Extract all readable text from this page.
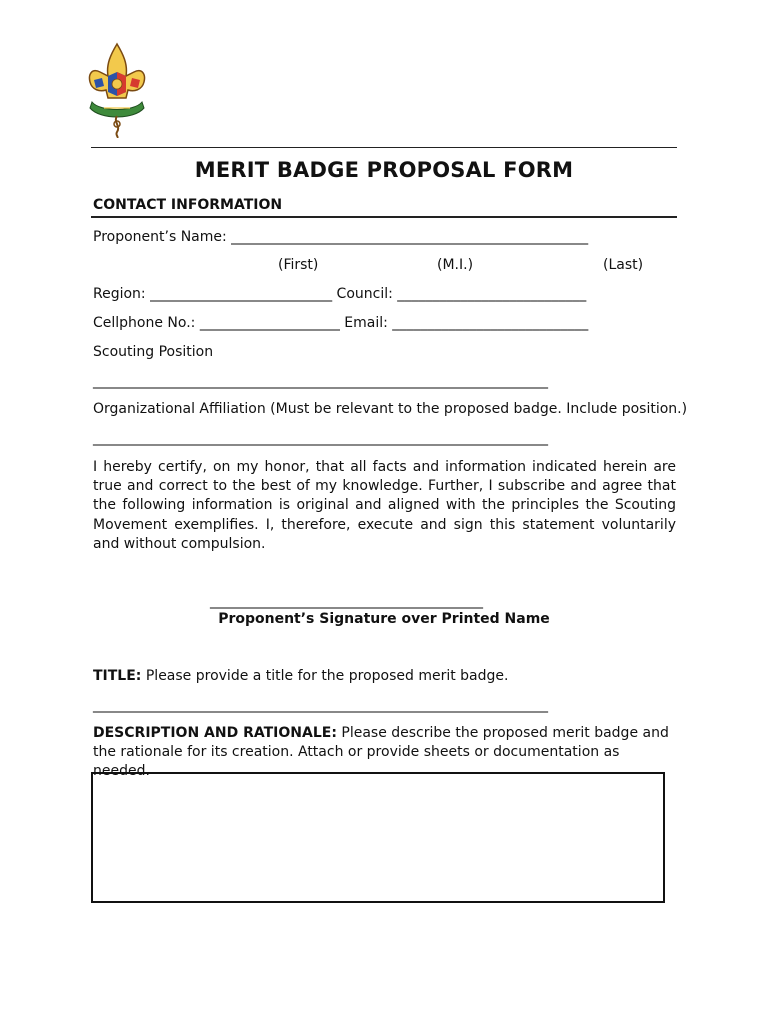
MERIT BADGE PROPOSAL FORM
CONTACT INFORMATION
Proponent’s Name: ___________________________________________________
(First)	(M.I.)	(Last)
Region: __________________________ Council: ___________________________
Cellphone No.: ____________________ Email: ____________________________
Scouting Position
_________________________________________________________________
Organizational Affiliation (Must be relevant to the proposed badge. Include position.)
_________________________________________________________________
I hereby certify, on my honor, that all facts and information indicated herein are true and correct to the best of my knowledge. Further, I subscribe and agree that the following information is original and aligned with the principles the Scouting Movement exemplifies. I, therefore, execute and sign this statement voluntarily and without compulsion.
_______________________________________
Proponent’s Signature over Printed Name
TITLE: Please provide a title for the proposed merit badge.
_________________________________________________________________
DESCRIPTION AND RATIONALE: Please describe the proposed merit badge and the rationale for its creation. Attach or provide sheets or documentation as needed.
